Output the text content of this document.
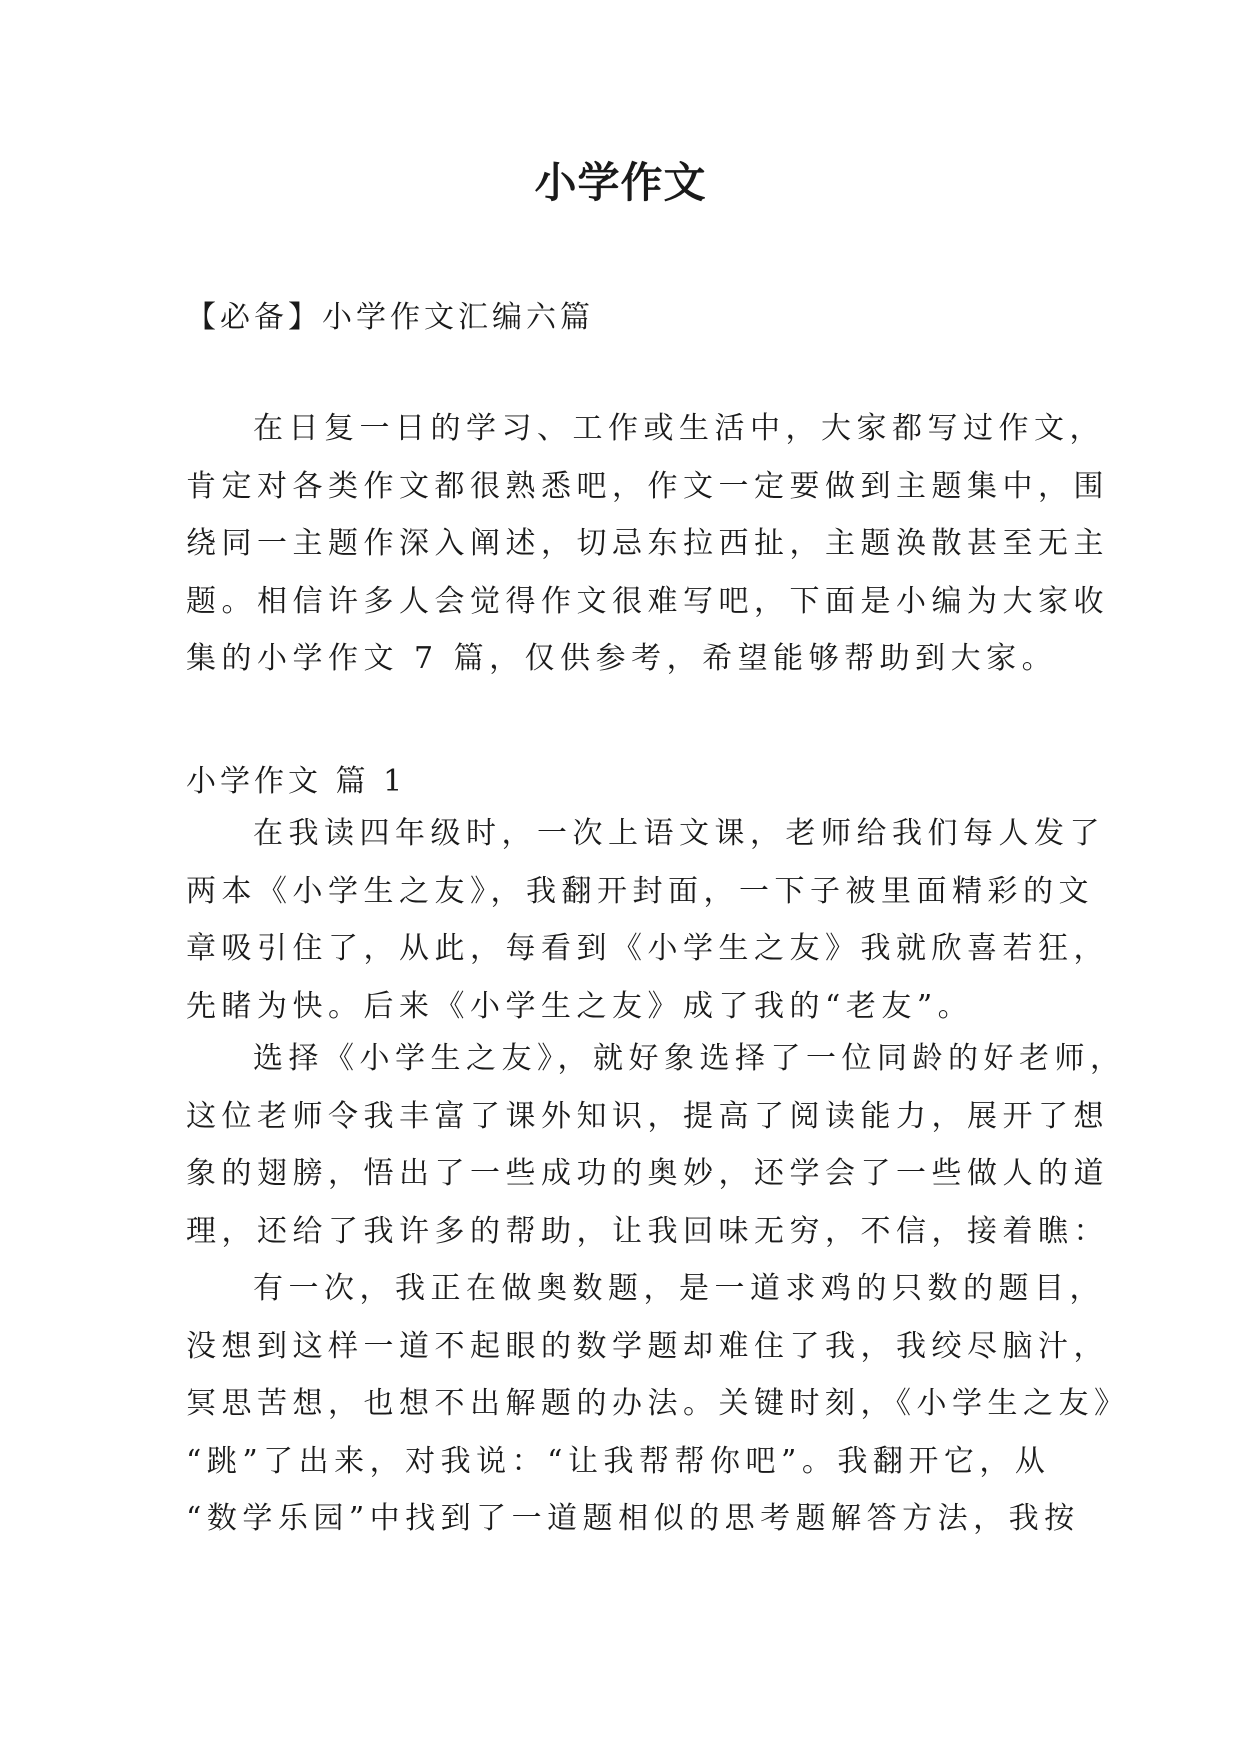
小学作文
【必备】小学作文汇编六篇
在日复一日的学习、工作或生活中，大家都写过作文，
肯定对各类作文都很熟悉吧，作文一定要做到主题集中，围
绕同一主题作深入阐述，切忌东拉西扯，主题涣散甚至无主
题。相信许多人会觉得作文很难写吧，下面是小编为大家收
集的小学作文 7 篇，仅供参考，希望能够帮助到大家。
小学作文 篇 1
在我读四年级时，一次上语文课，老师给我们每人发了
两本《小学生之友》，我翻开封面，一下子被里面精彩的文
章吸引住了，从此，每看到《小学生之友》我就欣喜若狂，
先睹为快。后来《小学生之友》成了我的“老友”。
选择《小学生之友》，就好象选择了一位同龄的好老师，
这位老师令我丰富了课外知识，提高了阅读能力，展开了想
象的翅膀，悟出了一些成功的奥妙，还学会了一些做人的道
理，还给了我许多的帮助，让我回味无穷，不信，接着瞧：
有一次，我正在做奥数题，是一道求鸡的只数的题目，
没想到这样一道不起眼的数学题却难住了我，我绞尽脑汁，
冥思苦想，也想不出解题的办法。关键时刻，《小学生之友》
“跳”了出来，对我说：“让我帮帮你吧”。我翻开它，从
“数学乐园”中找到了一道题相似的思考题解答方法，我按
